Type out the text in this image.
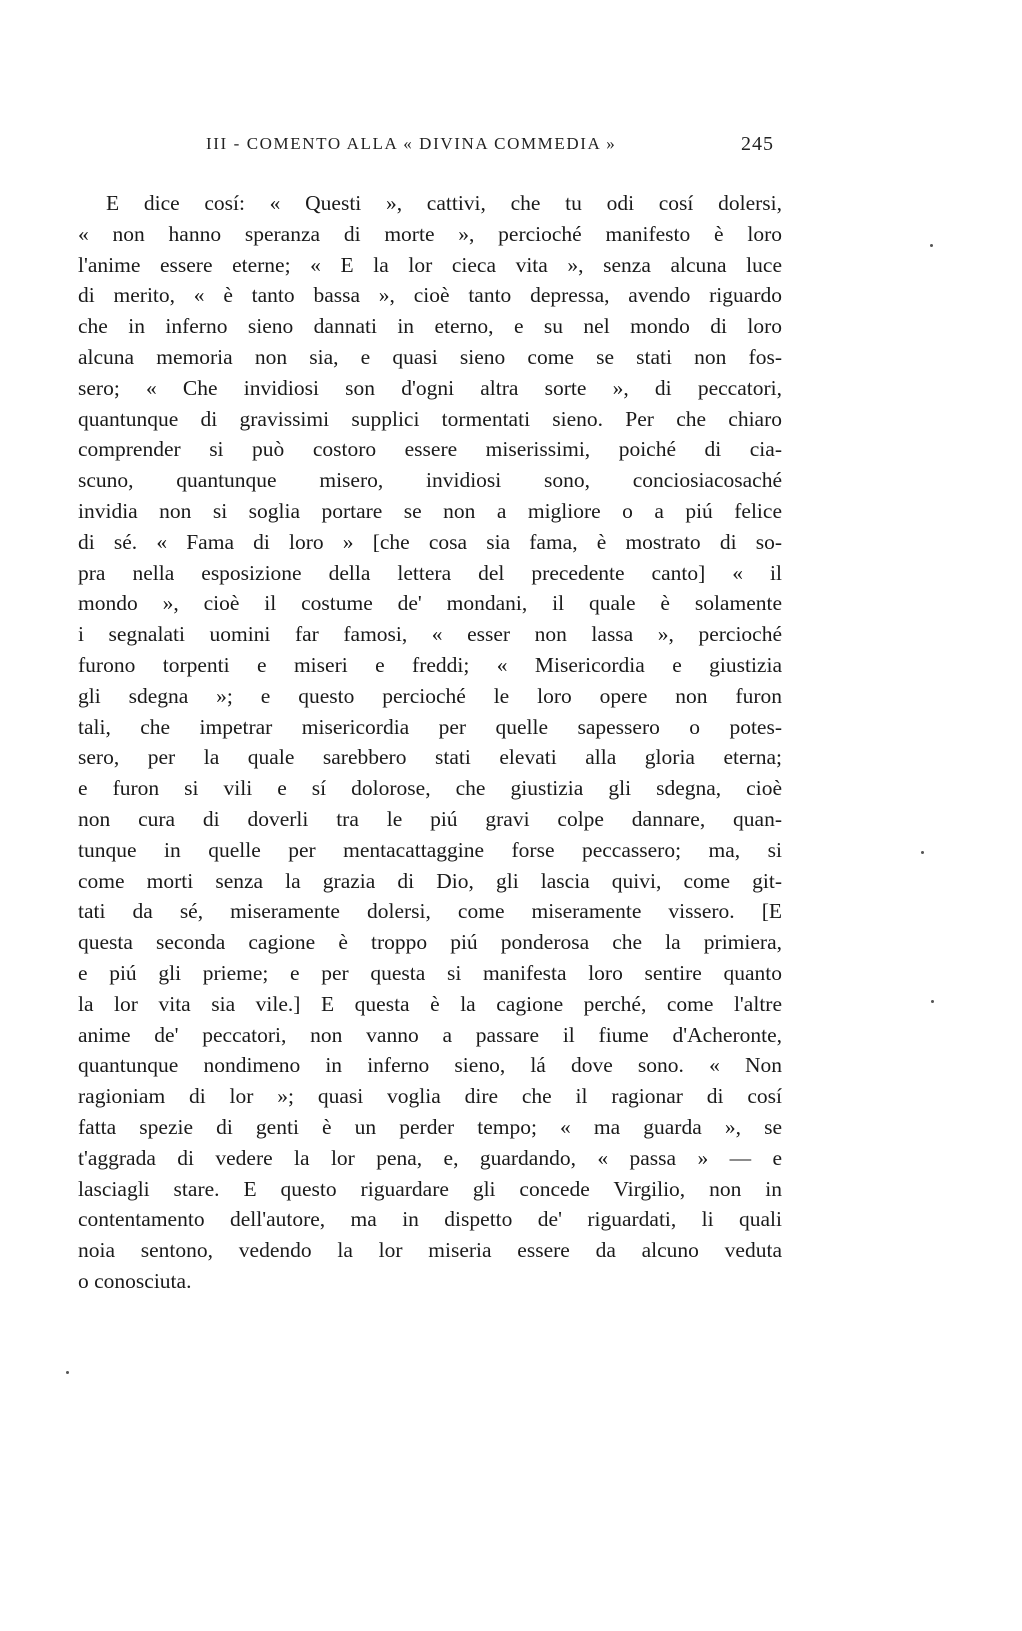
III - COMENTO ALLA « DIVINA COMMEDIA »	245
E dice cosí: « Questi », cattivi, che tu odi cosí dolersi,
« non hanno speranza di morte », percioché manifesto è loro
l'anime essere eterne; « E la lor cieca vita », senza alcuna luce
di merito, « è tanto bassa », cioè tanto depressa, avendo riguardo
che in inferno sieno dannati in eterno, e su nel mondo di loro
alcuna memoria non sia, e quasi sieno come se stati non fos-
sero; « Che invidiosi son d'ogni altra sorte », di peccatori,
quantunque di gravissimi supplici tormentati sieno. Per che chiaro
comprender si può costoro essere miserissimi, poiché di cia-
scuno, quantunque misero, invidiosi sono, conciosiacosaché
invidia non si soglia portare se non a migliore o a piú felice
di sé. « Fama di loro » [che cosa sia fama, è mostrato di so-
pra nella esposizione della lettera del precedente canto] « il
mondo », cioè il costume de' mondani, il quale è solamente
i segnalati uomini far famosi, « esser non lassa », percioché
furono torpenti e miseri e freddi; « Misericordia e giustizia
gli sdegna »; e questo percioché le loro opere non furon
tali, che impetrar misericordia per quelle sapessero o potes-
sero, per la quale sarebbero stati elevati alla gloria eterna;
e furon si vili e sí dolorose, che giustizia gli sdegna, cioè
non cura di doverli tra le piú gravi colpe dannare, quan-
tunque in quelle per mentacattaggine forse peccassero; ma, si
come morti senza la grazia di Dio, gli lascia quivi, come git-
tati da sé, miseramente dolersi, come miseramente vissero. [E
questa seconda cagione è troppo piú ponderosa che la primiera,
e piú gli prieme; e per questa si manifesta loro sentire quanto
la lor vita sia vile.] E questa è la cagione perché, come l'altre
anime de' peccatori, non vanno a passare il fiume d'Acheronte,
quantunque nondimeno in inferno sieno, lá dove sono. « Non
ragioniam di lor »; quasi voglia dire che il ragionar di cosí
fatta spezie di genti è un perder tempo; « ma guarda », se
t'aggrada di vedere la lor pena, e, guardando, « passa » — e
lasciagli stare. E questo riguardare gli concede Virgilio, non in
contentamento dell'autore, ma in dispetto de' riguardati, li quali
noia sentono, vedendo la lor miseria essere da alcuno veduta
o conosciuta.
